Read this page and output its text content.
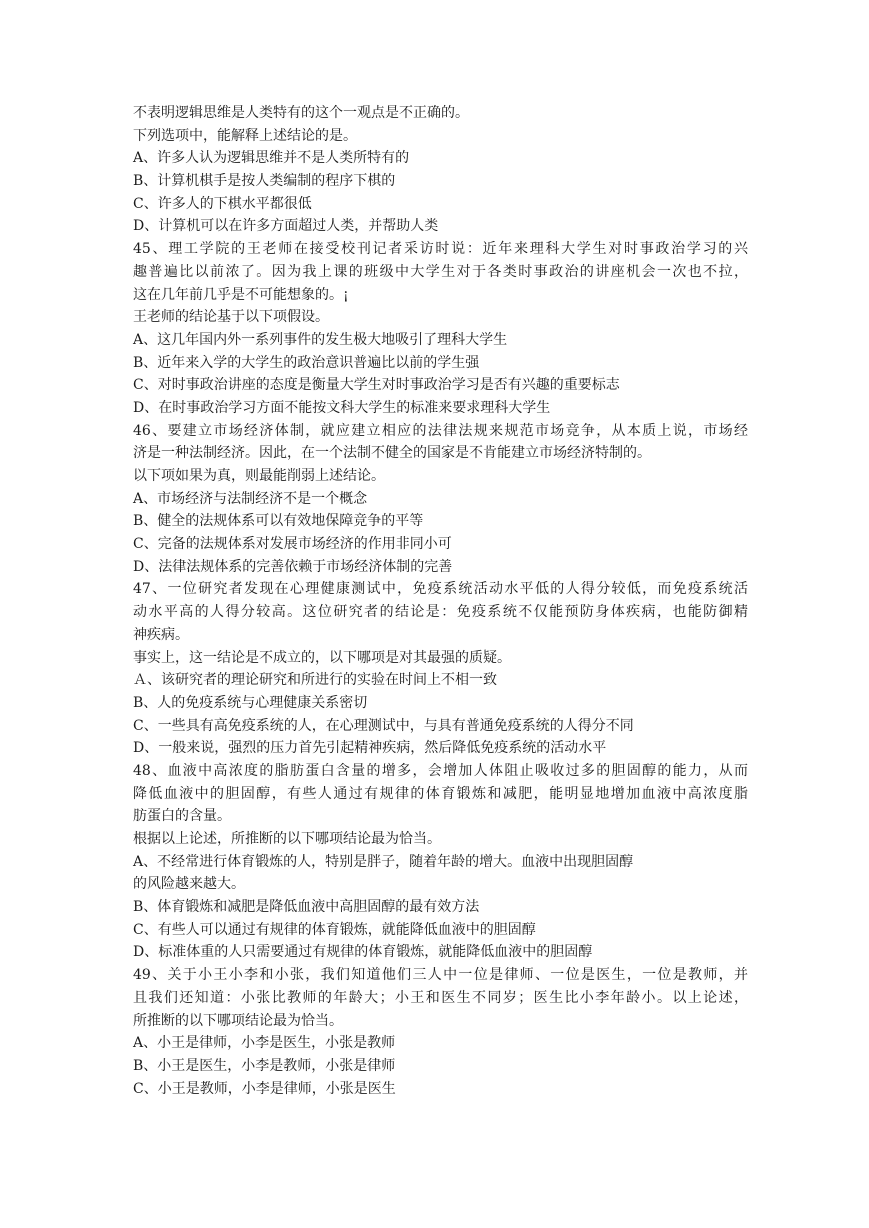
不表明逻辑思维是人类特有的这个一观点是不正确的。
下列选项中，能解释上述结论的是。
A、许多人认为逻辑思维并不是人类所特有的
B、计算机棋手是按人类编制的程序下棋的
C、许多人的下棋水平都很低
D、计算机可以在许多方面超过人类，并帮助人类
45、理工学院的王老师在接受校刊记者采访时说：近年来理科大学生对时事政治学习的兴
趣普遍比以前浓了。因为我上课的班级中大学生对于各类时事政治的讲座机会一次也不拉，
这在几年前几乎是不可能想象的。¡
王老师的结论基于以下项假设。
A、这几年国内外一系列事件的发生极大地吸引了理科大学生
B、近年来入学的大学生的政治意识普遍比以前的学生强
C、对时事政治讲座的态度是衡量大学生对时事政治学习是否有兴趣的重要标志
D、在时事政治学习方面不能按文科大学生的标准来要求理科大学生
46、要建立市场经济体制，就应建立相应的法律法规来规范市场竞争，从本质上说，市场经
济是一种法制经济。因此，在一个法制不健全的国家是不肯能建立市场经济特制的。
以下项如果为真，则最能削弱上述结论。
A、市场经济与法制经济不是一个概念
B、健全的法规体系可以有效地保障竞争的平等
C、完备的法规体系对发展市场经济的作用非同小可
D、法律法规体系的完善依赖于市场经济体制的完善
47、一位研究者发现在心理健康测试中，免疫系统活动水平低的人得分较低，而免疫系统活
动水平高的人得分较高。这位研究者的结论是：免疫系统不仅能预防身体疾病，也能防御精
神疾病。
事实上，这一结论是不成立的，以下哪项是对其最强的质疑。
Ａ、该研究者的理论研究和所进行的实验在时间上不相一致
B、人的免疫系统与心理健康关系密切
C、一些具有高免疫系统的人，在心理测试中，与具有普通免疫系统的人得分不同
D、一般来说，强烈的压力首先引起精神疾病，然后降低免疫系统的活动水平
48、血液中高浓度的脂肪蛋白含量的增多，会增加人体阻止吸收过多的胆固醇的能力，从而
降低血液中的胆固醇，有些人通过有规律的体育锻炼和减肥，能明显地增加血液中高浓度脂
肪蛋白的含量。
根据以上论述，所推断的以下哪项结论最为恰当。
A、不经常进行体育锻炼的人，特别是胖子，随着年龄的增大。血液中出现胆固醇
的风险越来越大。
B、体育锻炼和减肥是降低血液中高胆固醇的最有效方法
C、有些人可以通过有规律的体育锻炼，就能降低血液中的胆固醇
D、标准体重的人只需要通过有规律的体育锻炼，就能降低血液中的胆固醇
49、关于小王小李和小张，我们知道他们三人中一位是律师、一位是医生，一位是教师，并
且我们还知道：小张比教师的年龄大；小王和医生不同岁；医生比小李年龄小。以上论述，
所推断的以下哪项结论最为恰当。
A、小王是律师，小李是医生，小张是教师
B、小王是医生，小李是教师，小张是律师
C、小王是教师，小李是律师，小张是医生
